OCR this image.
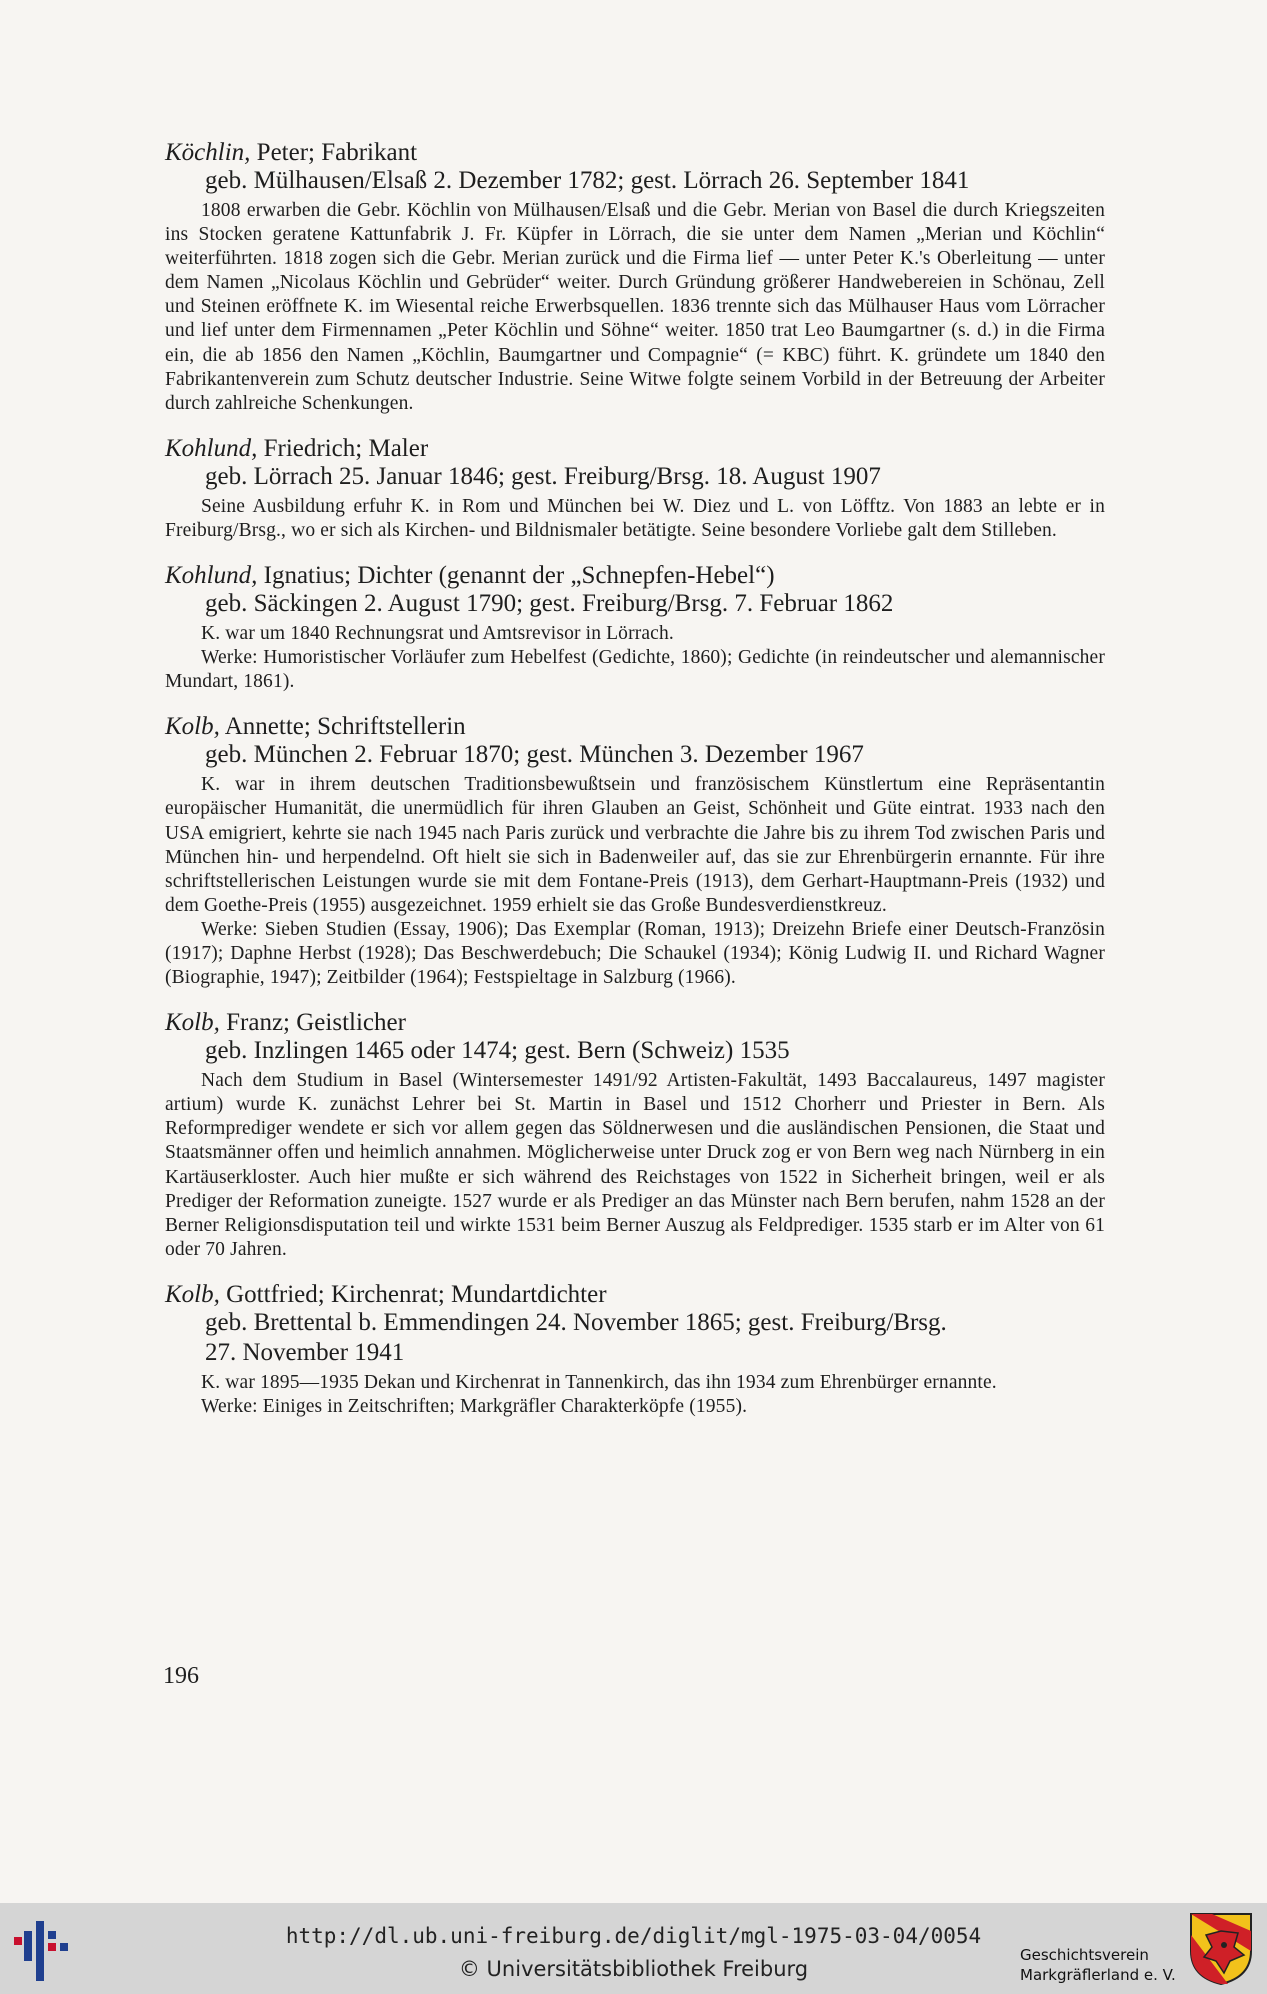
Köchlin, Peter; Fabrikant

geb. Mülhausen/Elsaß 2. Dezember 1782; gest. Lörrach 26. September 1841

1808 erwarben die Gebr. Köchlin von Mülhausen/Elsaß und die Gebr. Merian von Basel die durch Kriegszeiten ins Stocken geratene Kattunfabrik J. Fr. Küpfer in Lörrach, die sie unter dem Namen „Merian und Köchlin“ weiterführten. 1818 zogen sich die Gebr. Merian zurück und die Firma lief — unter Peter K.'s Oberleitung — unter dem Namen „Nicolaus Köchlin und Gebrüder“ weiter. Durch Gründung größerer Handwebereien in Schönau, Zell und Steinen eröffnete K. im Wiesental reiche Erwerbsquellen. 1836 trennte sich das Mülhauser Haus vom Lörracher und lief unter dem Firmennamen „Peter Köchlin und Söhne“ weiter. 1850 trat Leo Baumgartner (s. d.) in die Firma ein, die ab 1856 den Namen „Köchlin, Baumgartner und Compagnie“ (= KBC) führt. K. gründete um 1840 den Fabrikantenverein zum Schutz deutscher Industrie. Seine Witwe folgte seinem Vorbild in der Betreuung der Arbeiter durch zahlreiche Schenkungen.

Kohlund, Friedrich; Maler

geb. Lörrach 25. Januar 1846; gest. Freiburg/Brsg. 18. August 1907

Seine Ausbildung erfuhr K. in Rom und München bei W. Diez und L. von Löfftz. Von 1883 an lebte er in Freiburg/Brsg., wo er sich als Kirchen- und Bildnismaler betätigte. Seine besondere Vorliebe galt dem Stilleben.

Kohlund, Ignatius; Dichter (genannt der „Schnepfen-Hebel“)

geb. Säckingen 2. August 1790; gest. Freiburg/Brsg. 7. Februar 1862

K. war um 1840 Rechnungsrat und Amtsrevisor in Lörrach.

Werke: Humoristischer Vorläufer zum Hebelfest (Gedichte, 1860); Gedichte (in reindeutscher und alemannischer Mundart, 1861).

Kolb, Annette; Schriftstellerin

geb. München 2. Februar 1870; gest. München 3. Dezember 1967

K. war in ihrem deutschen Traditionsbewußtsein und französischem Künstlertum eine Repräsentantin europäischer Humanität, die unermüdlich für ihren Glauben an Geist, Schönheit und Güte eintrat. 1933 nach den USA emigriert, kehrte sie nach 1945 nach Paris zurück und verbrachte die Jahre bis zu ihrem Tod zwischen Paris und München hin- und herpendelnd. Oft hielt sie sich in Badenweiler auf, das sie zur Ehrenbürgerin ernannte. Für ihre schriftstellerischen Leistungen wurde sie mit dem Fontane-Preis (1913), dem Gerhart-Hauptmann-Preis (1932) und dem Goethe-Preis (1955) ausgezeichnet. 1959 erhielt sie das Große Bundesverdienstkreuz.

Werke: Sieben Studien (Essay, 1906); Das Exemplar (Roman, 1913); Dreizehn Briefe einer Deutsch-Französin (1917); Daphne Herbst (1928); Das Beschwerdebuch; Die Schaukel (1934); König Ludwig II. und Richard Wagner (Biographie, 1947); Zeitbilder (1964); Festspieltage in Salzburg (1966).

Kolb, Franz; Geistlicher

geb. Inzlingen 1465 oder 1474; gest. Bern (Schweiz) 1535

Nach dem Studium in Basel (Wintersemester 1491/92 Artisten-Fakultät, 1493 Baccalaureus, 1497 magister artium) wurde K. zunächst Lehrer bei St. Martin in Basel und 1512 Chorherr und Priester in Bern. Als Reformprediger wendete er sich vor allem gegen das Söldnerwesen und die ausländischen Pensionen, die Staat und Staatsmänner offen und heimlich annahmen. Möglicherweise unter Druck zog er von Bern weg nach Nürnberg in ein Kartäuserkloster. Auch hier mußte er sich während des Reichstages von 1522 in Sicherheit bringen, weil er als Prediger der Reformation zuneigte. 1527 wurde er als Prediger an das Münster nach Bern berufen, nahm 1528 an der Berner Religionsdisputation teil und wirkte 1531 beim Berner Auszug als Feldprediger. 1535 starb er im Alter von 61 oder 70 Jahren.

Kolb, Gottfried; Kirchenrat; Mundartdichter

geb. Brettental b. Emmendingen 24. November 1865; gest. Freiburg/Brsg.

27. November 1941

K. war 1895—1935 Dekan und Kirchenrat in Tannenkirch, das ihn 1934 zum Ehrenbürger ernannte.

Werke: Einiges in Zeitschriften; Markgräfler Charakterköpfe (1955).

196
http://dl.ub.uni-freiburg.de/diglit/mgl-1975-03-04/0054
© Universitätsbibliothek Freiburg
Geschichtsverein
Markgräflerland e. V.
